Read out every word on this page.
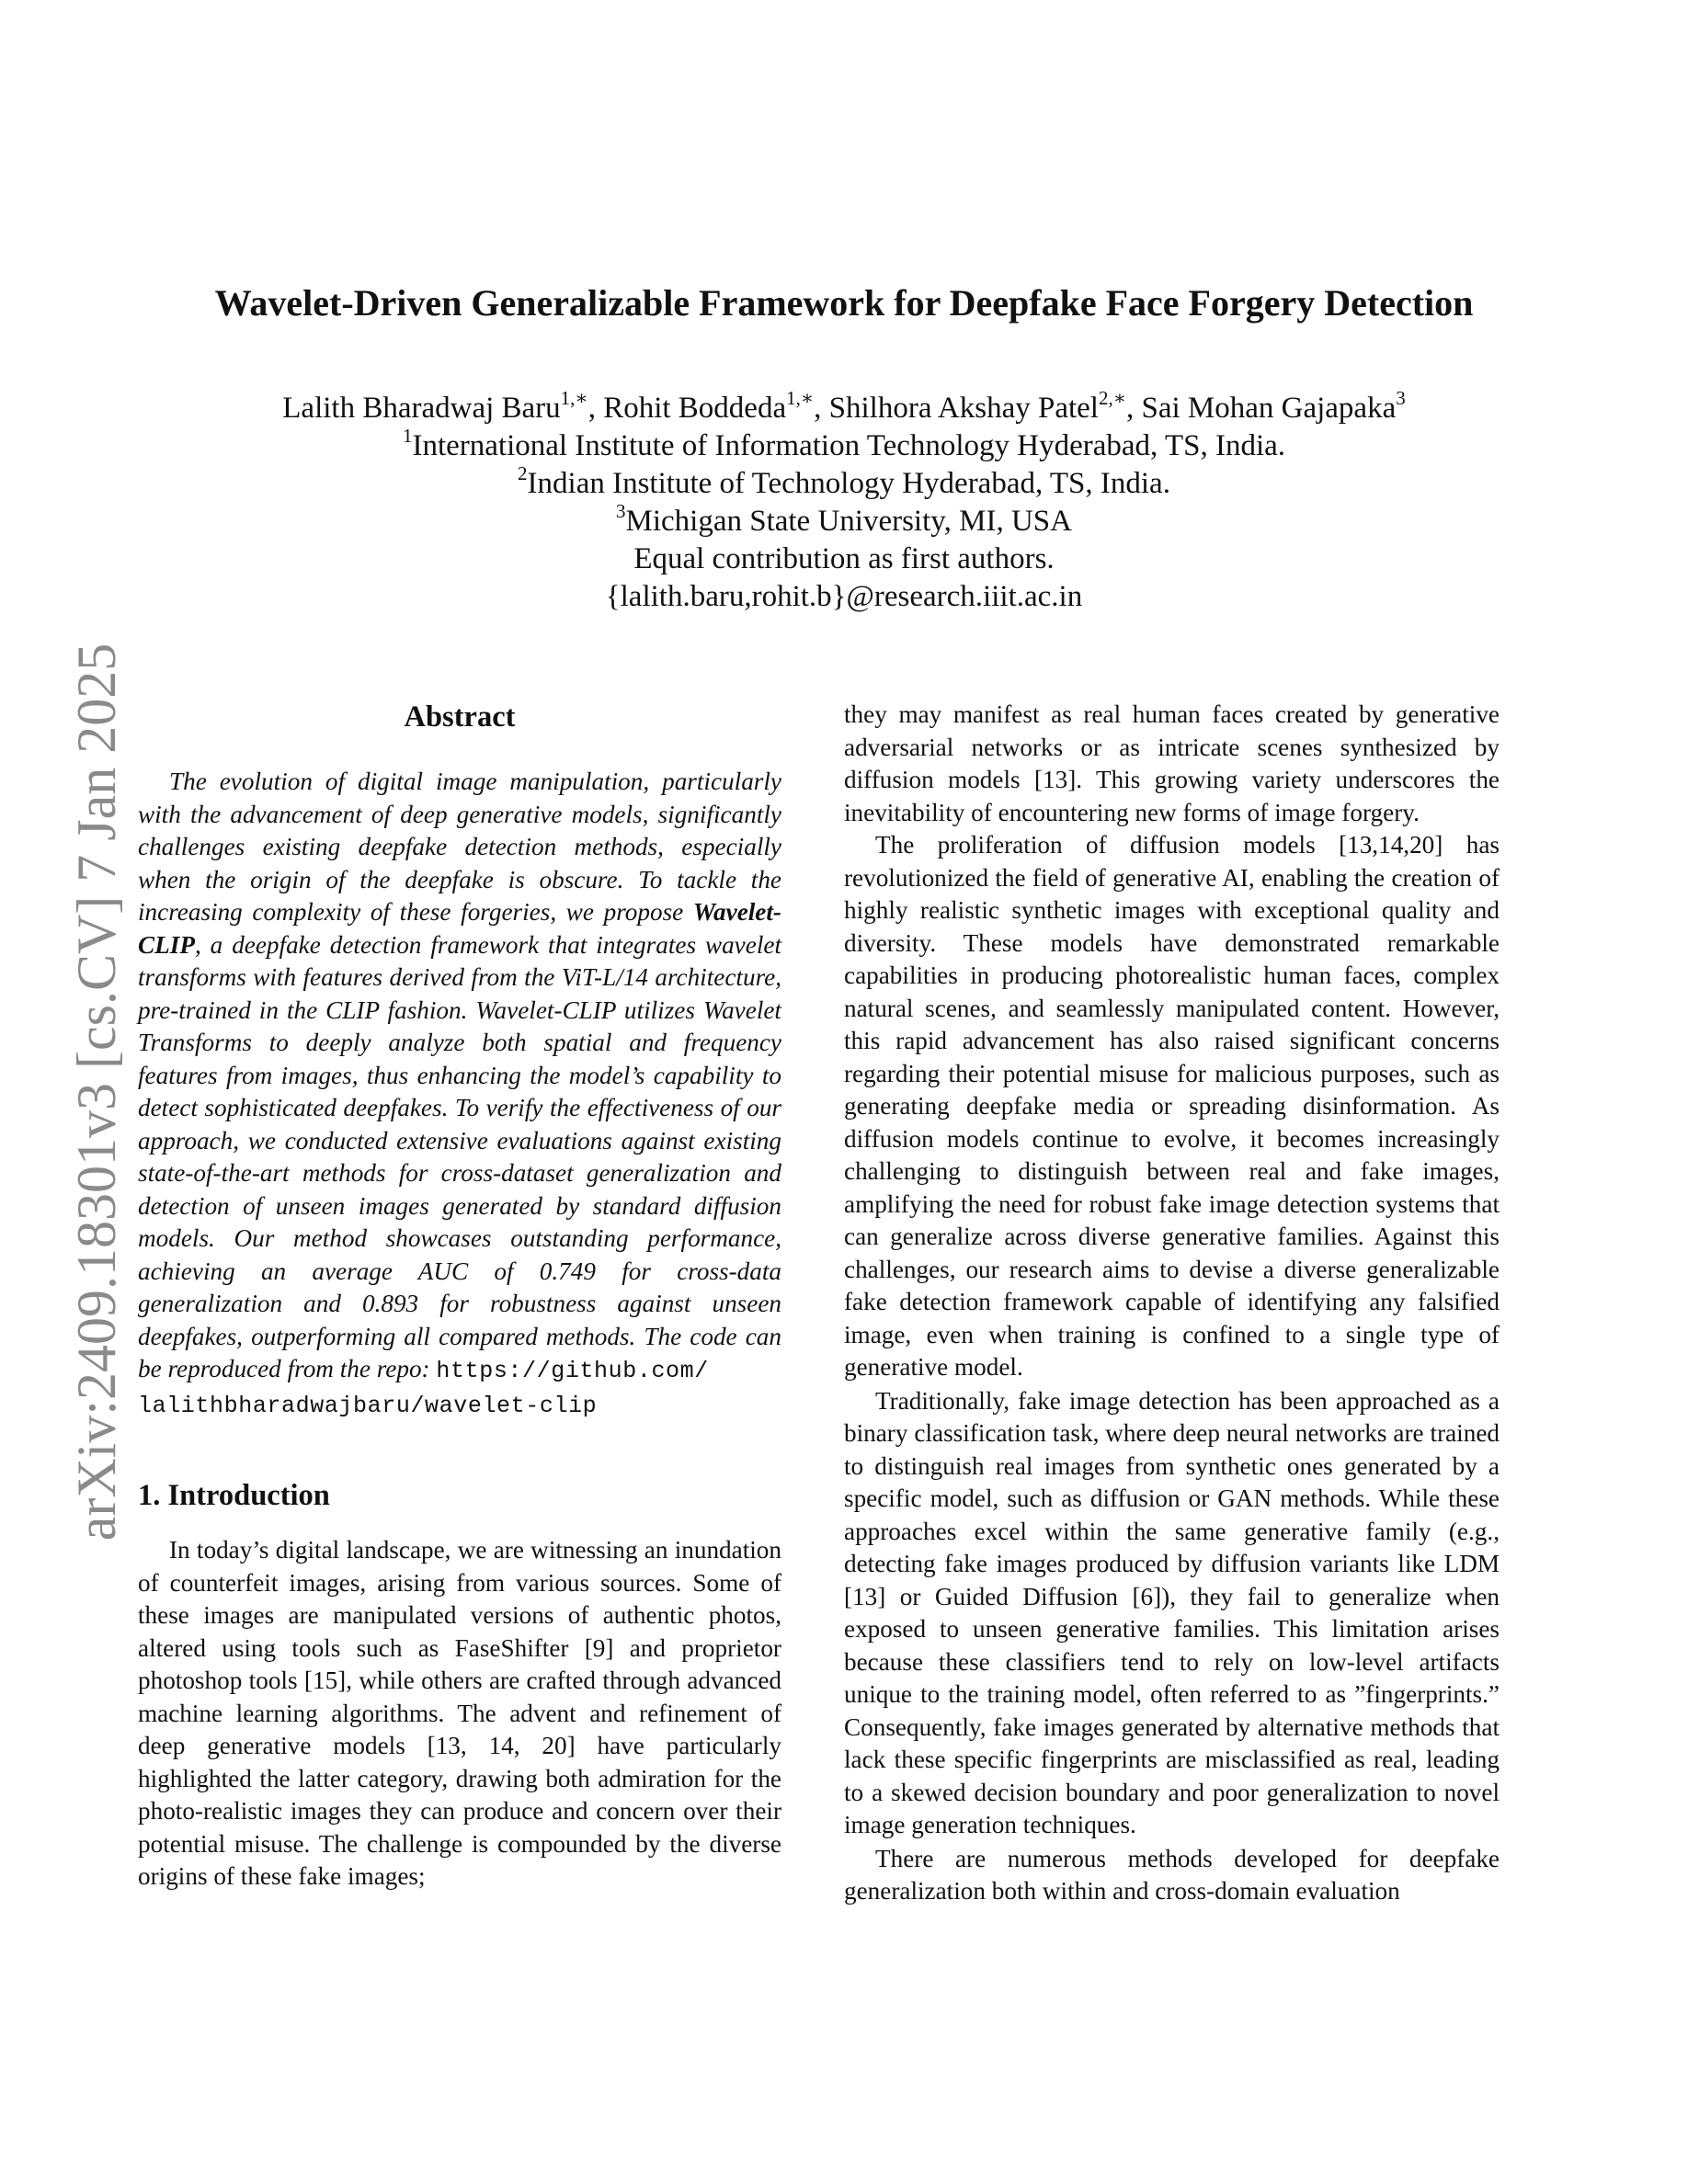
arXiv:2409.18301v3 [cs.CV] 7 Jan 2025
Wavelet-Driven Generalizable Framework for Deepfake Face Forgery Detection
Lalith Bharadwaj Baru$^{1,∗}$, Rohit Boddeda$^{1,∗}$, Shilhora Akshay Patel$^{2,∗}$, Sai Mohan Gajapaka$^3$
$^1$International Institute of Information Technology Hyderabad, TS, India.
$^2$Indian Institute of Technology Hyderabad, TS, India.
$^3$Michigan State University, MI, USA
Equal contribution as first authors.
{lalith.baru,rohit.b}@research.iiit.ac.in
Abstract

The evolution of digital image manipulation, particularly with the advancement of deep generative models, significantly challenges existing deepfake detection methods, especially when the origin of the deepfake is obscure. To tackle the increasing complexity of these forgeries, we propose Wavelet-CLIP, a deepfake detection framework that integrates wavelet transforms with features derived from the ViT-L/14 architecture, pre-trained in the CLIP fashion. Wavelet-CLIP utilizes Wavelet Transforms to deeply analyze both spatial and frequency features from images, thus enhancing the model’s capability to detect sophisticated deepfakes. To verify the effectiveness of our approach, we conducted extensive evaluations against existing state-of-the-art methods for cross-dataset generalization and detection of unseen images generated by standard diffusion models. Our method showcases outstanding performance, achieving an average AUC of 0.749 for cross-data generalization and 0.893 for robustness against unseen deepfakes, outperforming all compared methods. The code can be reproduced from the repo: https://github.com/
lalithbharadwajbaru/wavelet-clip

1. Introduction

In today’s digital landscape, we are witnessing an inundation of counterfeit images, arising from various sources. Some of these images are manipulated versions of authentic photos, altered using tools such as FaseShifter [9] and proprietor photoshop tools [15], while others are crafted through advanced machine learning algorithms. The advent and refinement of deep generative models [13, 14, 20] have particularly highlighted the latter category, drawing both admiration for the photo-realistic images they can produce and concern over their potential misuse. The challenge is compounded by the diverse origins of these fake images;

they may manifest as real human faces created by generative adversarial networks or as intricate scenes synthesized by diffusion models [13]. This growing variety underscores the inevitability of encountering new forms of image forgery.

The proliferation of diffusion models [13,14,20] has revolutionized the field of generative AI, enabling the creation of highly realistic synthetic images with exceptional quality and diversity. These models have demonstrated remarkable capabilities in producing photorealistic human faces, complex natural scenes, and seamlessly manipulated content. However, this rapid advancement has also raised significant concerns regarding their potential misuse for malicious purposes, such as generating deepfake media or spreading disinformation. As diffusion models continue to evolve, it becomes increasingly challenging to distinguish between real and fake images, amplifying the need for robust fake image detection systems that can generalize across diverse generative families. Against this challenges, our research aims to devise a diverse generalizable fake detection framework capable of identifying any falsified image, even when training is confined to a single type of generative model.

Traditionally, fake image detection has been approached as a binary classification task, where deep neural networks are trained to distinguish real images from synthetic ones generated by a specific model, such as diffusion or GAN methods. While these approaches excel within the same generative family (e.g., detecting fake images produced by diffusion variants like LDM [13] or Guided Diffusion [6]), they fail to generalize when exposed to unseen generative families. This limitation arises because these classifiers tend to rely on low-level artifacts unique to the training model, often referred to as ”fingerprints.” Consequently, fake images generated by alternative methods that lack these specific fingerprints are misclassified as real, leading to a skewed decision boundary and poor generalization to novel image generation techniques.

There are numerous methods developed for deepfake generalization both within and cross-domain evaluation
